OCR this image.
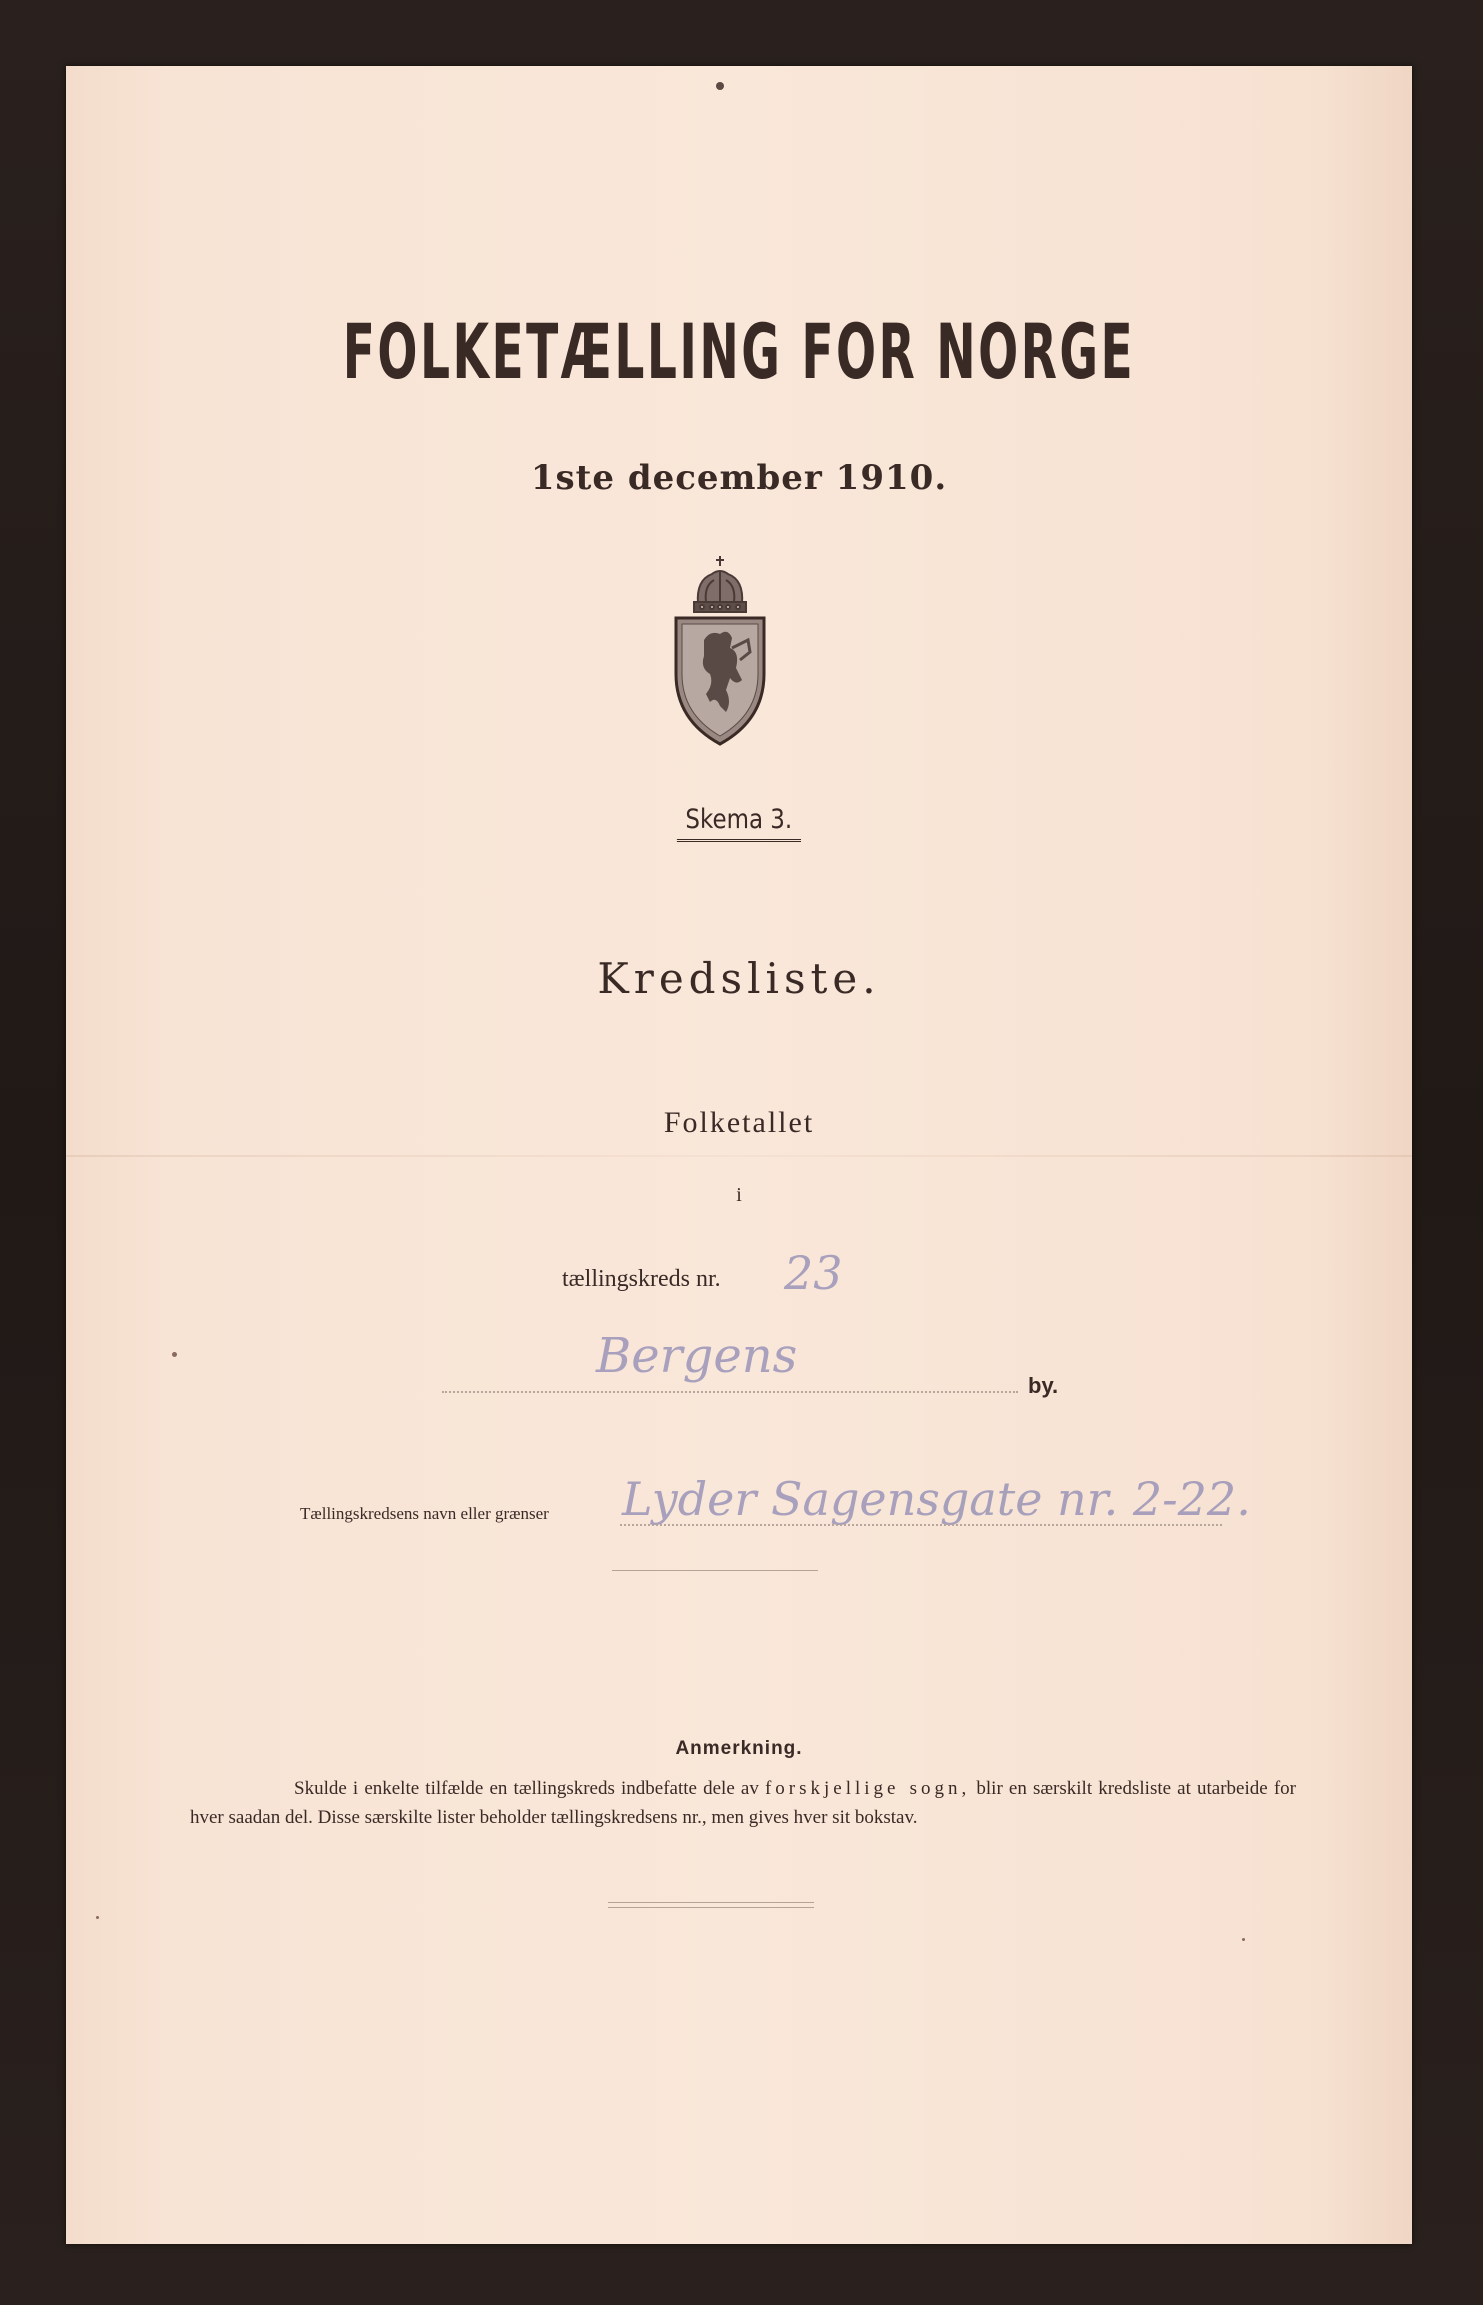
FOLKETÆLLING FOR NORGE
1ste december 1910.
Skema 3.
Kredsliste.
Folketallet
i
tællingskreds nr. 23
Bergens
by.
Tællingskredsens navn eller grænser Lyder Sagensgate nr. 2-22.
Anmerkning.
Skulde i enkelte tilfælde en tællingskreds indbefatte dele av forskjellige sogn, blir en særskilt kredsliste at utarbeide for hver saadan del. Disse særskilte lister beholder tællingskredsens nr., men gives hver sit bokstav.
